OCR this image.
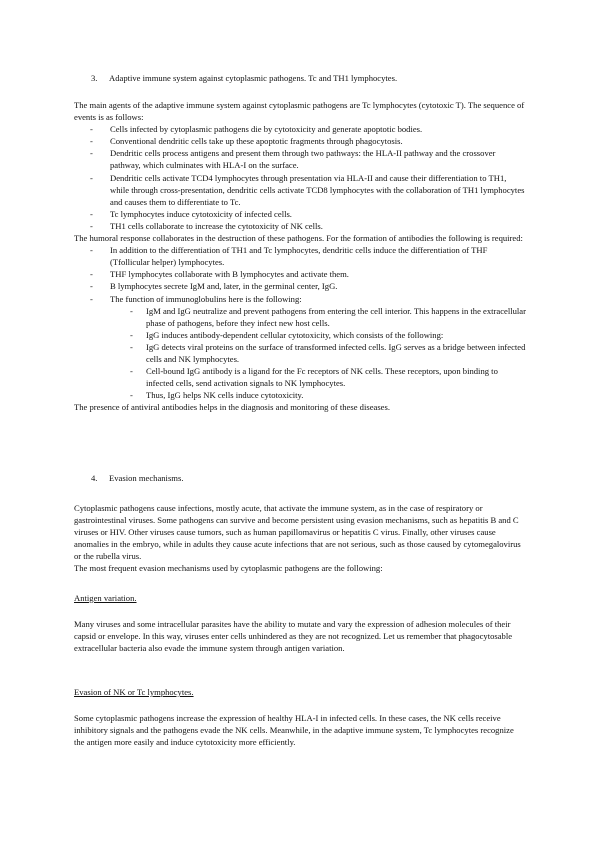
3. Adaptive immune system against cytoplasmic pathogens. Tc and TH1 lymphocytes.

The main agents of the adaptive immune system against cytoplasmic pathogens are Tc lymphocytes (cytotoxic T). The sequence of events is as follows:

- Cells infected by cytoplasmic pathogens die by cytotoxicity and generate apoptotic bodies.
- Conventional dendritic cells take up these apoptotic fragments through phagocytosis.
- Dendritic cells process antigens and present them through two pathways: the HLA-II pathway and the crossover pathway, which culminates with HLA-I on the surface.
- Dendritic cells activate TCD4 lymphocytes through presentation via HLA-II and cause their differentiation to TH1, while through cross-presentation, dendritic cells activate TCD8 lymphocytes with the collaboration of TH1 lymphocytes and causes them to differentiate to Tc.
- Tc lymphocytes induce cytotoxicity of infected cells.
- TH1 cells collaborate to increase the cytotoxicity of NK cells.

The humoral response collaborates in the destruction of these pathogens. For the formation of antibodies the following is required:

- In addition to the differentiation of TH1 and Tc lymphocytes, dendritic cells induce the differentiation of THF (Tfollicular helper) lymphocytes.
- THF lymphocytes collaborate with B lymphocytes and activate them.
- B lymphocytes secrete IgM and, later, in the germinal center, IgG.
- The function of immunoglobulins here is the following:
- IgM and IgG neutralize and prevent pathogens from entering the cell interior. This happens in the extracellular phase of pathogens, before they infect new host cells.
- IgG induces antibody-dependent cellular cytotoxicity, which consists of the following:
- IgG detects viral proteins on the surface of transformed infected cells. IgG serves as a bridge between infected cells and NK lymphocytes.
- Cell-bound IgG antibody is a ligand for the Fc receptors of NK cells. These receptors, upon binding to infected cells, send activation signals to NK lymphocytes.
- Thus, IgG helps NK cells induce cytotoxicity.

The presence of antiviral antibodies helps in the diagnosis and monitoring of these diseases.

4. Evasion mechanisms.

Cytoplasmic pathogens cause infections, mostly acute, that activate the immune system, as in the case of respiratory or gastrointestinal viruses. Some pathogens can survive and become persistent using evasion mechanisms, such as hepatitis B and C viruses or HIV. Other viruses cause tumors, such as human papillomavirus or hepatitis C virus. Finally, other viruses cause anomalies in the embryo, while in adults they cause acute infections that are not serious, such as those caused by cytomegalovirus or the rubella virus.

The most frequent evasion mechanisms used by cytoplasmic pathogens are the following:

Antigen variation.

Many viruses and some intracellular parasites have the ability to mutate and vary the expression of adhesion molecules of their capsid or envelope. In this way, viruses enter cells unhindered as they are not recognized. Let us remember that phagocytosable extracellular bacteria also evade the immune system through antigen variation.

Evasion of NK or Tc lymphocytes.

Some cytoplasmic pathogens increase the expression of healthy HLA-I in infected cells. In these cases, the NK cells receive inhibitory signals and the pathogens evade the NK cells. Meanwhile, in the adaptive immune system, Tc lymphocytes recognize the antigen more easily and induce cytotoxicity more efficiently.
